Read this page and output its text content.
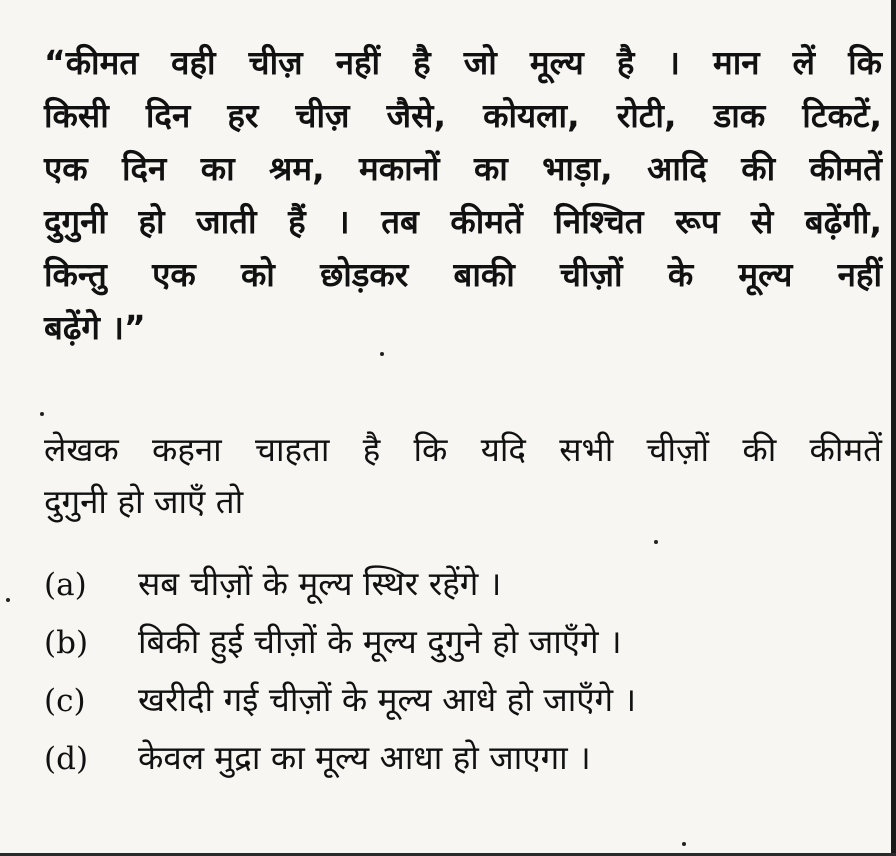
“कीमत वही चीज़ नहीं है जो मूल्य है । मान लें कि
किसी दिन हर चीज़ जैसे, कोयला, रोटी, डाक टिकटें,
एक दिन का श्रम, मकानों का भाड़ा, आदि की कीमतें
दुगुनी हो जाती हैं । तब कीमतें निश्चित रूप से बढ़ेंगी,
किन्तु एक को छोड़कर बाकी चीज़ों के मूल्य नहीं
बढ़ेंगे ।”
लेखक कहना चाहता है कि यदि सभी चीज़ों की कीमतें
दुगुनी हो जाएँ तो
(a)	सब चीज़ों के मूल्य स्थिर रहेंगे ।
(b)	बिकी हुई चीज़ों के मूल्य दुगुने हो जाएँगे ।
(c)	खरीदी गई चीज़ों के मूल्य आधे हो जाएँगे ।
(d)	केवल मुद्रा का मूल्य आधा हो जाएगा ।
